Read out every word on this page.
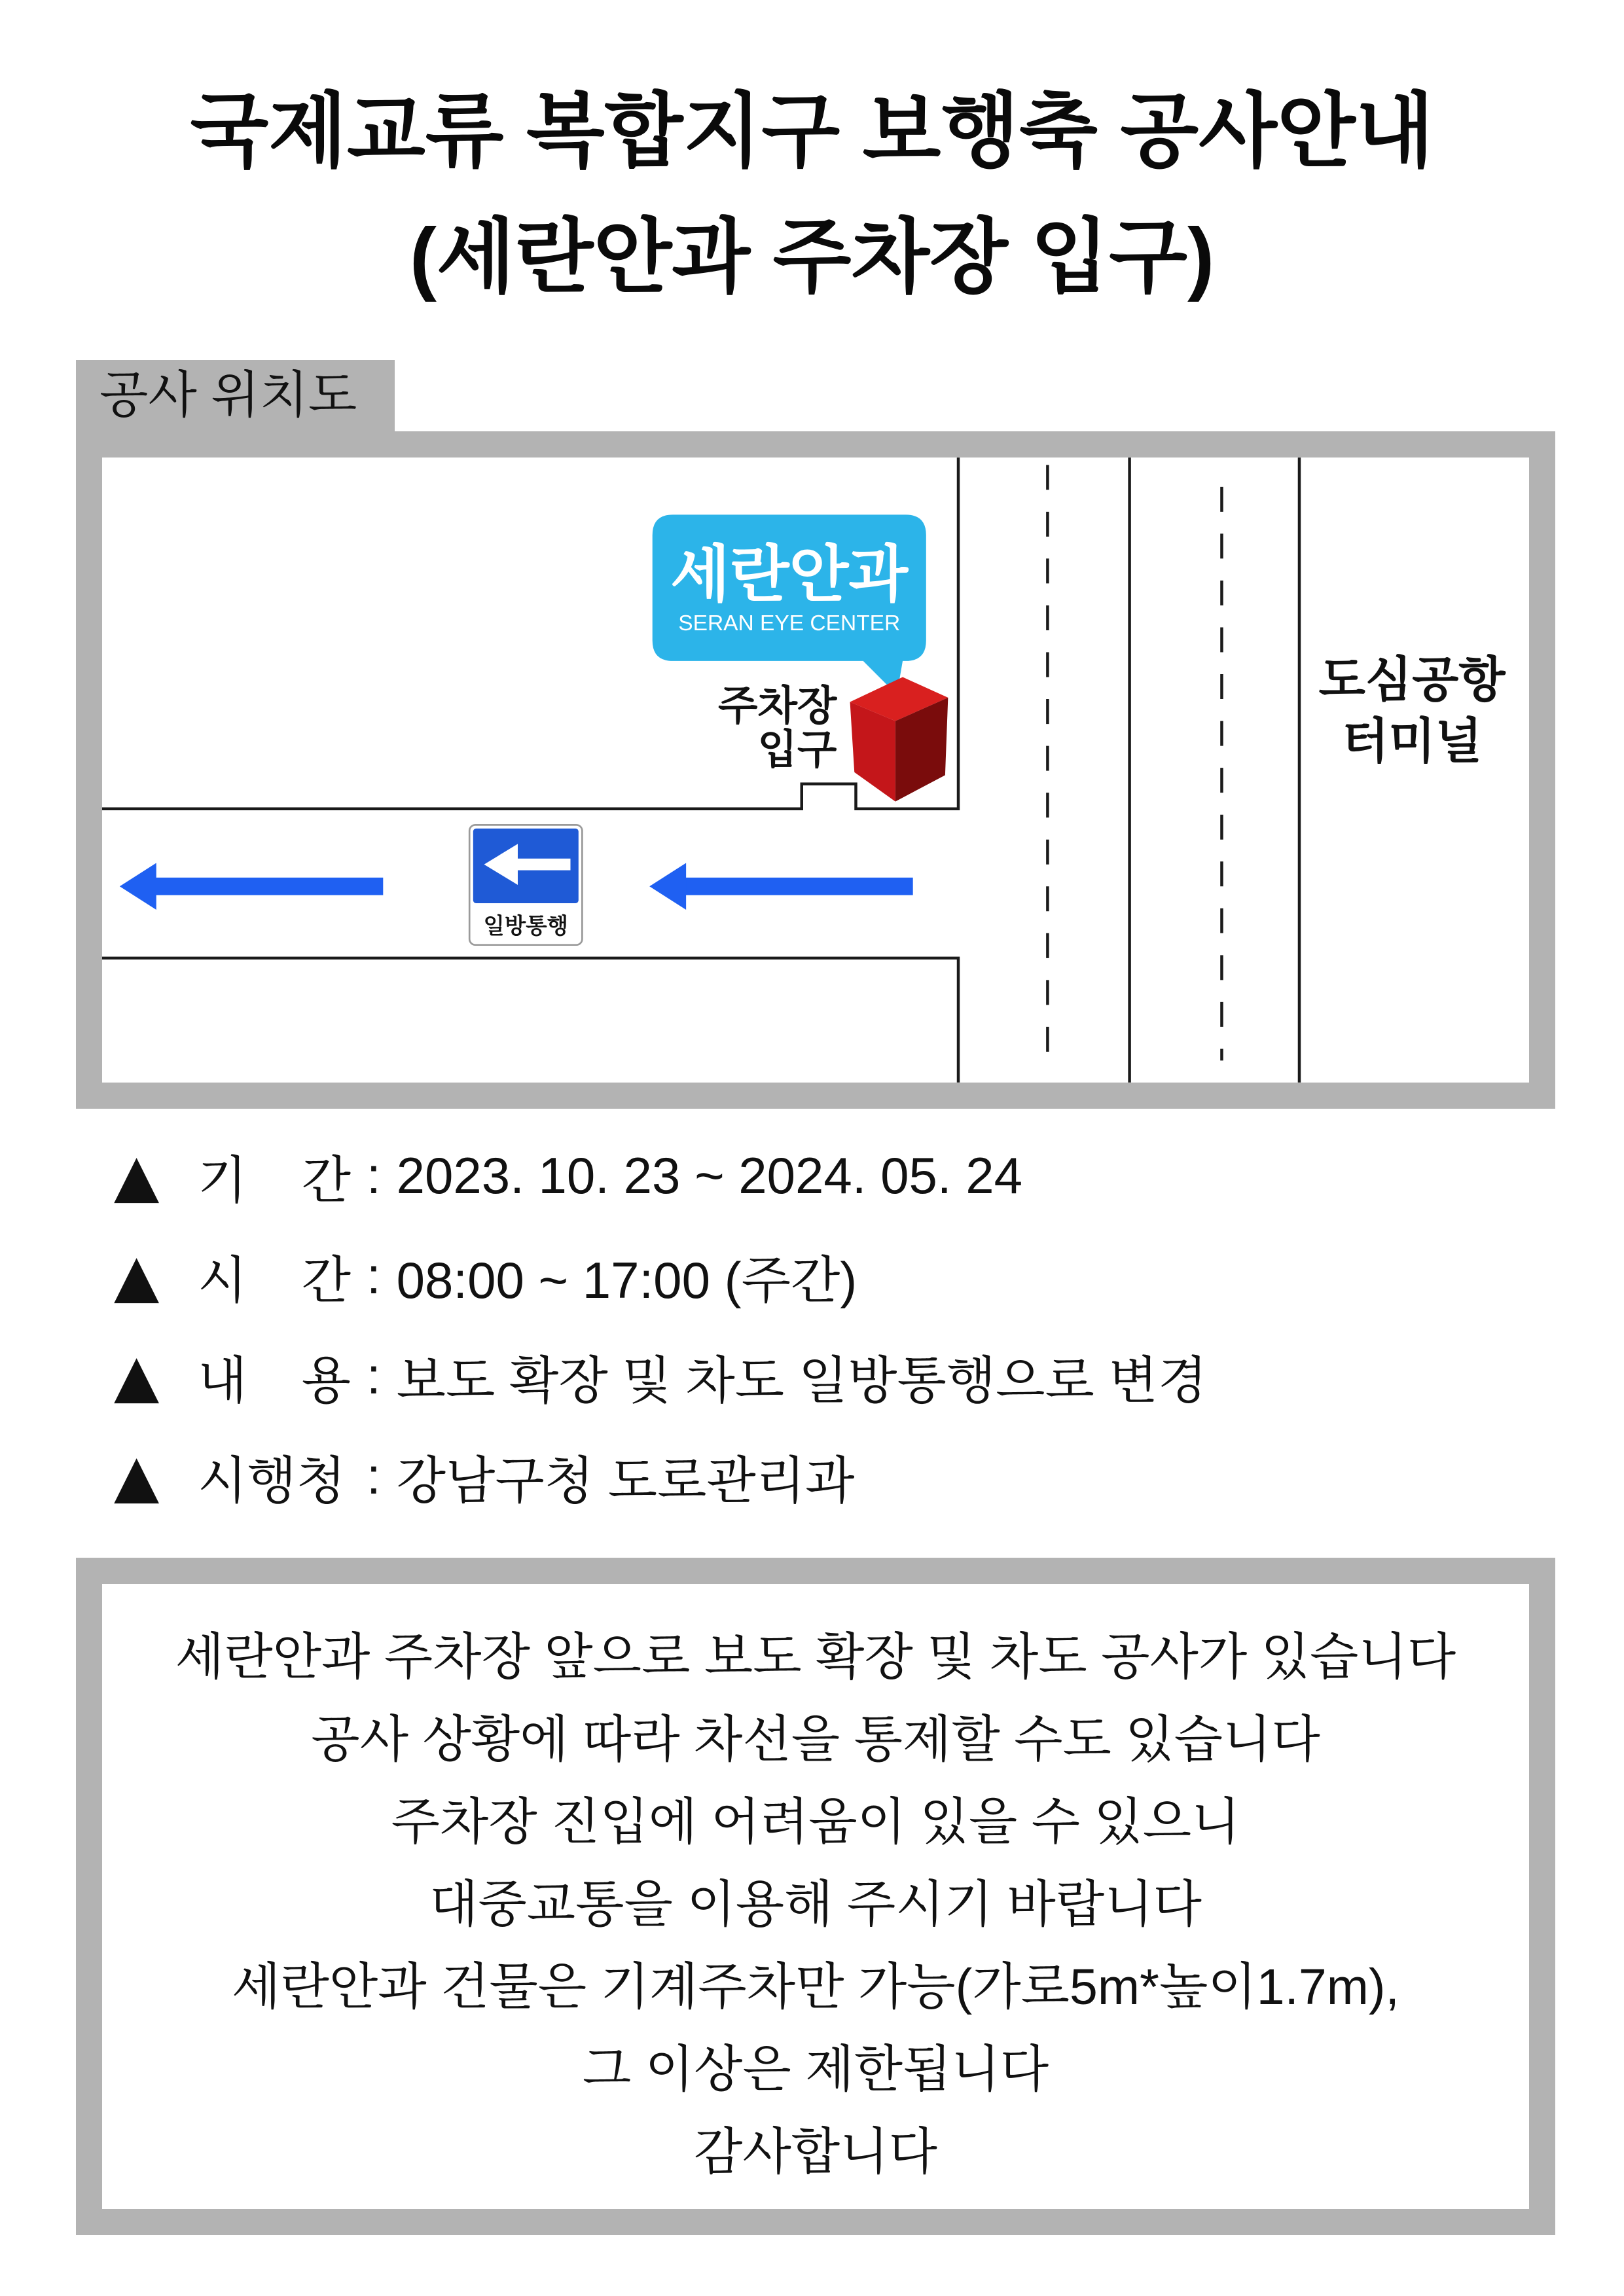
국제교류 복합지구 보행축 공사안내
(세란안과 주차장 입구)
공사 위치도
세란안과
SERAN EYE CENTER
주차장
입구
일방통행
도심공항
터미널
▲ 기 간 : 2023. 10. 23 ~ 2024. 05. 24
▲ 시 간 : 08:00 ~ 17:00 (주간)
▲ 내 용 : 보도 확장 및 차도 일방통행으로 변경
▲ 시행청 : 강남구청 도로관리과
세란안과 주차장 앞으로 보도 확장 및 차도 공사가 있습니다
공사 상황에 따라 차선을 통제할 수도 있습니다
주차장 진입에 어려움이 있을 수 있으니
대중교통을 이용해 주시기 바랍니다
세란안과 건물은 기계주차만 가능(가로5m*높이1.7m),
그 이상은 제한됩니다
감사합니다
